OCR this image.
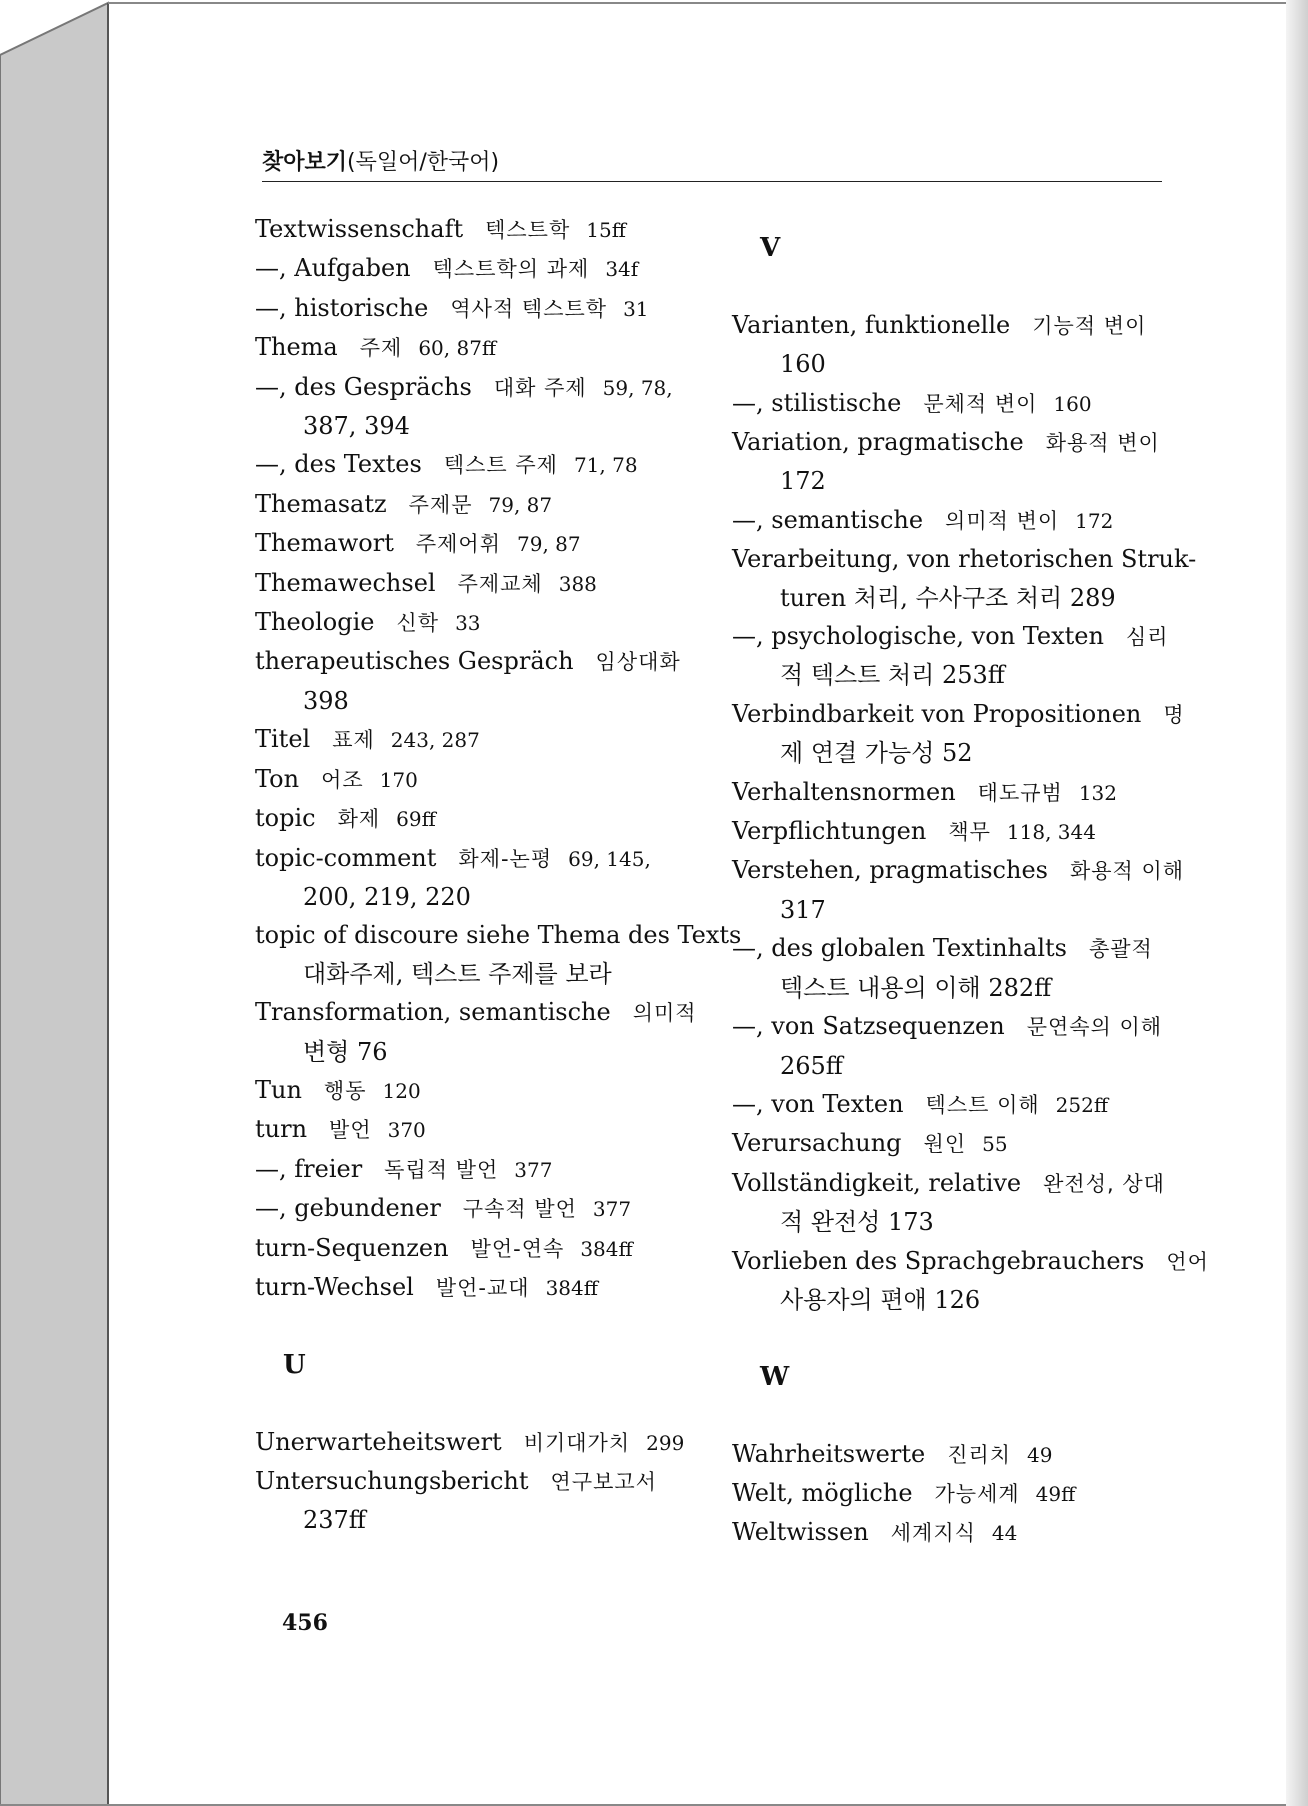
찾아보기(독일어/한국어)
Textwissenschaft 텍스트학 15ff
—, Aufgaben 텍스트학의 과제 34f
—, historische 역사적 텍스트학 31
Thema 주제 60, 87ff
—, des Gesprächs 대화 주제 59, 78,
387, 394
—, des Textes 텍스트 주제 71, 78
Themasatz 주제문 79, 87
Themawort 주제어휘 79, 87
Themawechsel 주제교체 388
Theologie 신학 33
therapeutisches Gespräch 임상대화
398
Titel 표제 243, 287
Ton 어조 170
topic 화제 69ff
topic-comment 화제-논평 69, 145,
200, 219, 220
topic of discoure siehe Thema des Texts
대화주제, 텍스트 주제를 보라
Transformation, semantische 의미적
변형 76
Tun 행동 120
turn 발언 370
—, freier 독립적 발언 377
—, gebundener 구속적 발언 377
turn-Sequenzen 발언-연속 384ff
turn-Wechsel 발언-교대 384ff
U
Unerwarteheitswert 비기대가치 299
Untersuchungsbericht 연구보고서
237ff
V
Varianten, funktionelle 기능적 변이
160
—, stilistische 문체적 변이 160
Variation, pragmatische 화용적 변이
172
—, semantische 의미적 변이 172
Verarbeitung, von rhetorischen Struk-
turen 처리, 수사구조 처리 289
—, psychologische, von Texten 심리
적 텍스트 처리 253ff
Verbindbarkeit von Propositionen 명
제 연결 가능성 52
Verhaltensnormen 태도규범 132
Verpflichtungen 책무 118, 344
Verstehen, pragmatisches 화용적 이해
317
—, des globalen Textinhalts 총괄적
텍스트 내용의 이해 282ff
—, von Satzsequenzen 문연속의 이해
265ff
—, von Texten 텍스트 이해 252ff
Verursachung 원인 55
Vollständigkeit, relative 완전성, 상대
적 완전성 173
Vorlieben des Sprachgebrauchers 언어
사용자의 편애 126
W
Wahrheitswerte 진리치 49
Welt, mögliche 가능세계 49ff
Weltwissen 세계지식 44
456
